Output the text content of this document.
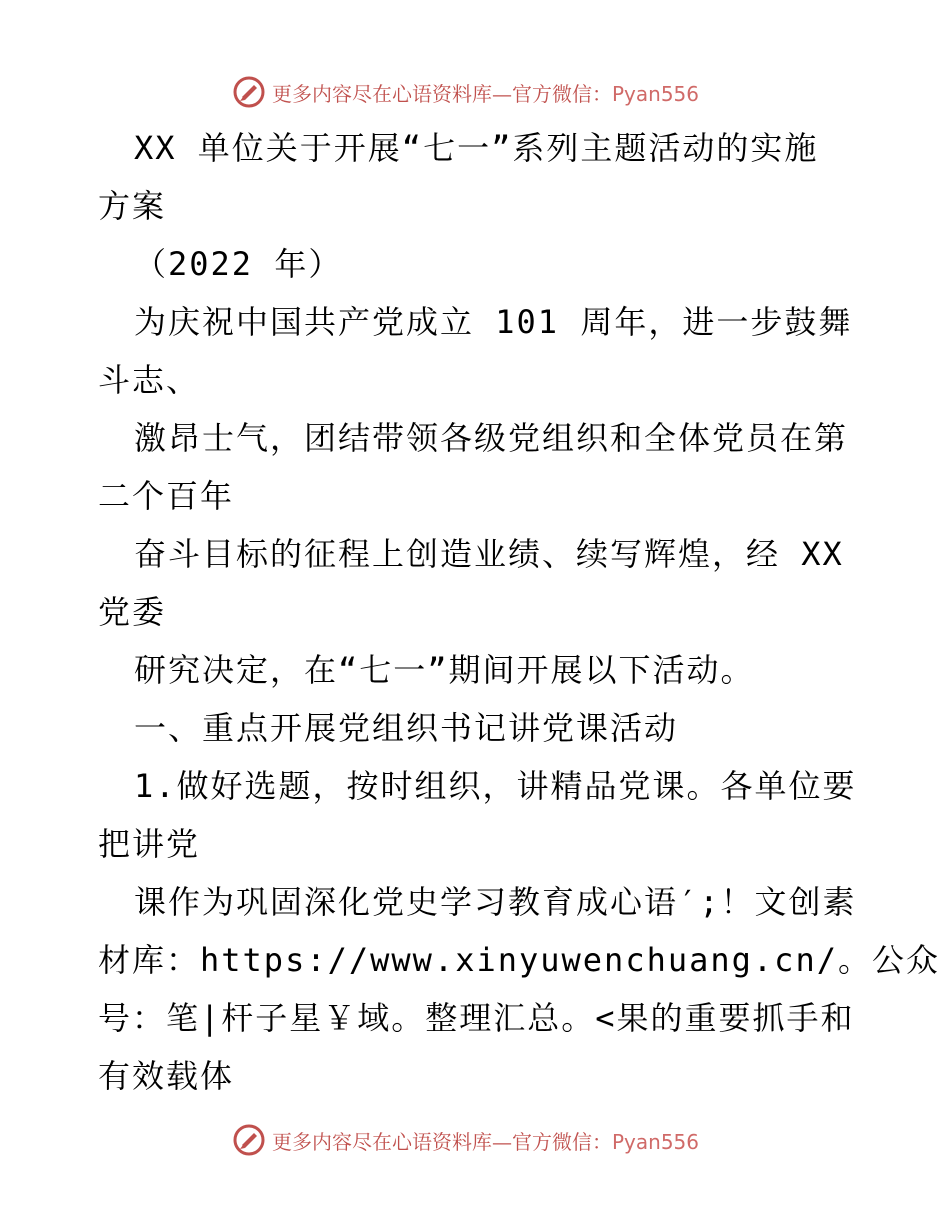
更多内容尽在心语资料库—官方微信：Pyan556
XX 单位关于开展“七一”系列主题活动的实施
方案
（2022 年）
为庆祝中国共产党成立 101 周年，进一步鼓舞
斗志、
激昂士气，团结带领各级党组织和全体党员在第
二个百年
奋斗目标的征程上创造业绩、续写辉煌，经 XX
党委
研究决定，在“七一”期间开展以下活动。
一、重点开展党组织书记讲党课活动
1.做好选题，按时组织，讲精品党课。各单位要
把讲党
课作为巩固深化党史学习教育成心语′;！文创素
材库：https://www.xinyuwenchuang.cn/。公众
号：笔|杆子星￥域。整理汇总。<果的重要抓手和
有效载体
更多内容尽在心语资料库—官方微信：Pyan556
